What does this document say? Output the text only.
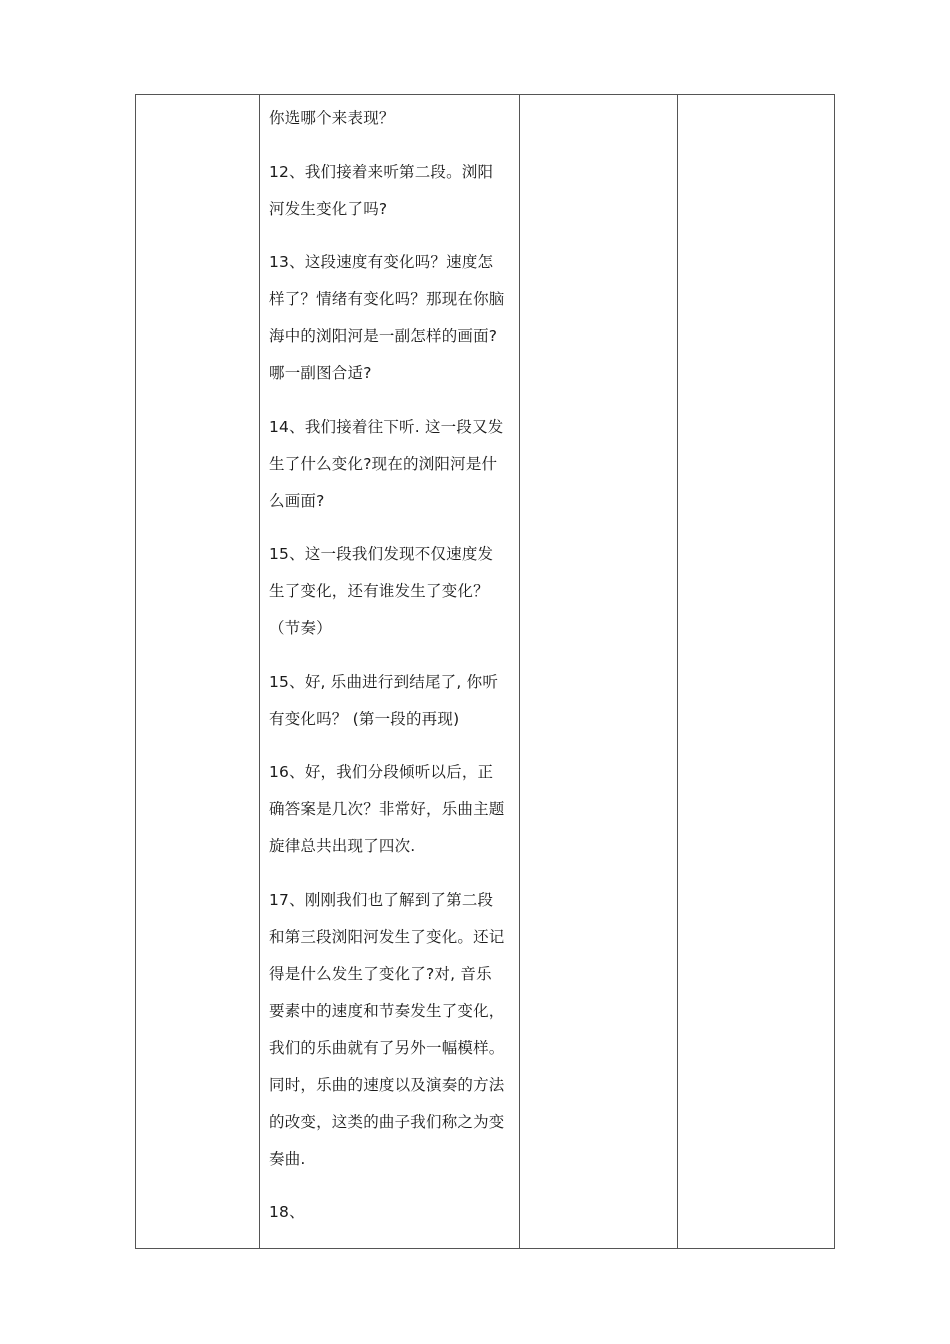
你选哪个来表现？

12、我们接着来听第二段。浏阳河发生变化了吗?

13、这段速度有变化吗？速度怎样了？情绪有变化吗？那现在你脑海中的浏阳河是一副怎样的画面?哪一副图合适?

14、我们接着往下听. 这一段又发生了什么变化?现在的浏阳河是什么画面?

15、这一段我们发现不仅速度发生了变化，还有谁发生了变化？（节奏）

15、好, 乐曲进行到结尾了, 你听有变化吗？ (第一段的再现)

16、好，我们分段倾听以后，正确答案是几次？非常好，乐曲主题旋律总共出现了四次.

17、刚刚我们也了解到了第二段和第三段浏阳河发生了变化。还记得是什么发生了变化了?对, 音乐要素中的速度和节奏发生了变化，我们的乐曲就有了另外一幅模样。同时，乐曲的速度以及演奏的方法的改变，这类的曲子我们称之为变奏曲.

18、
